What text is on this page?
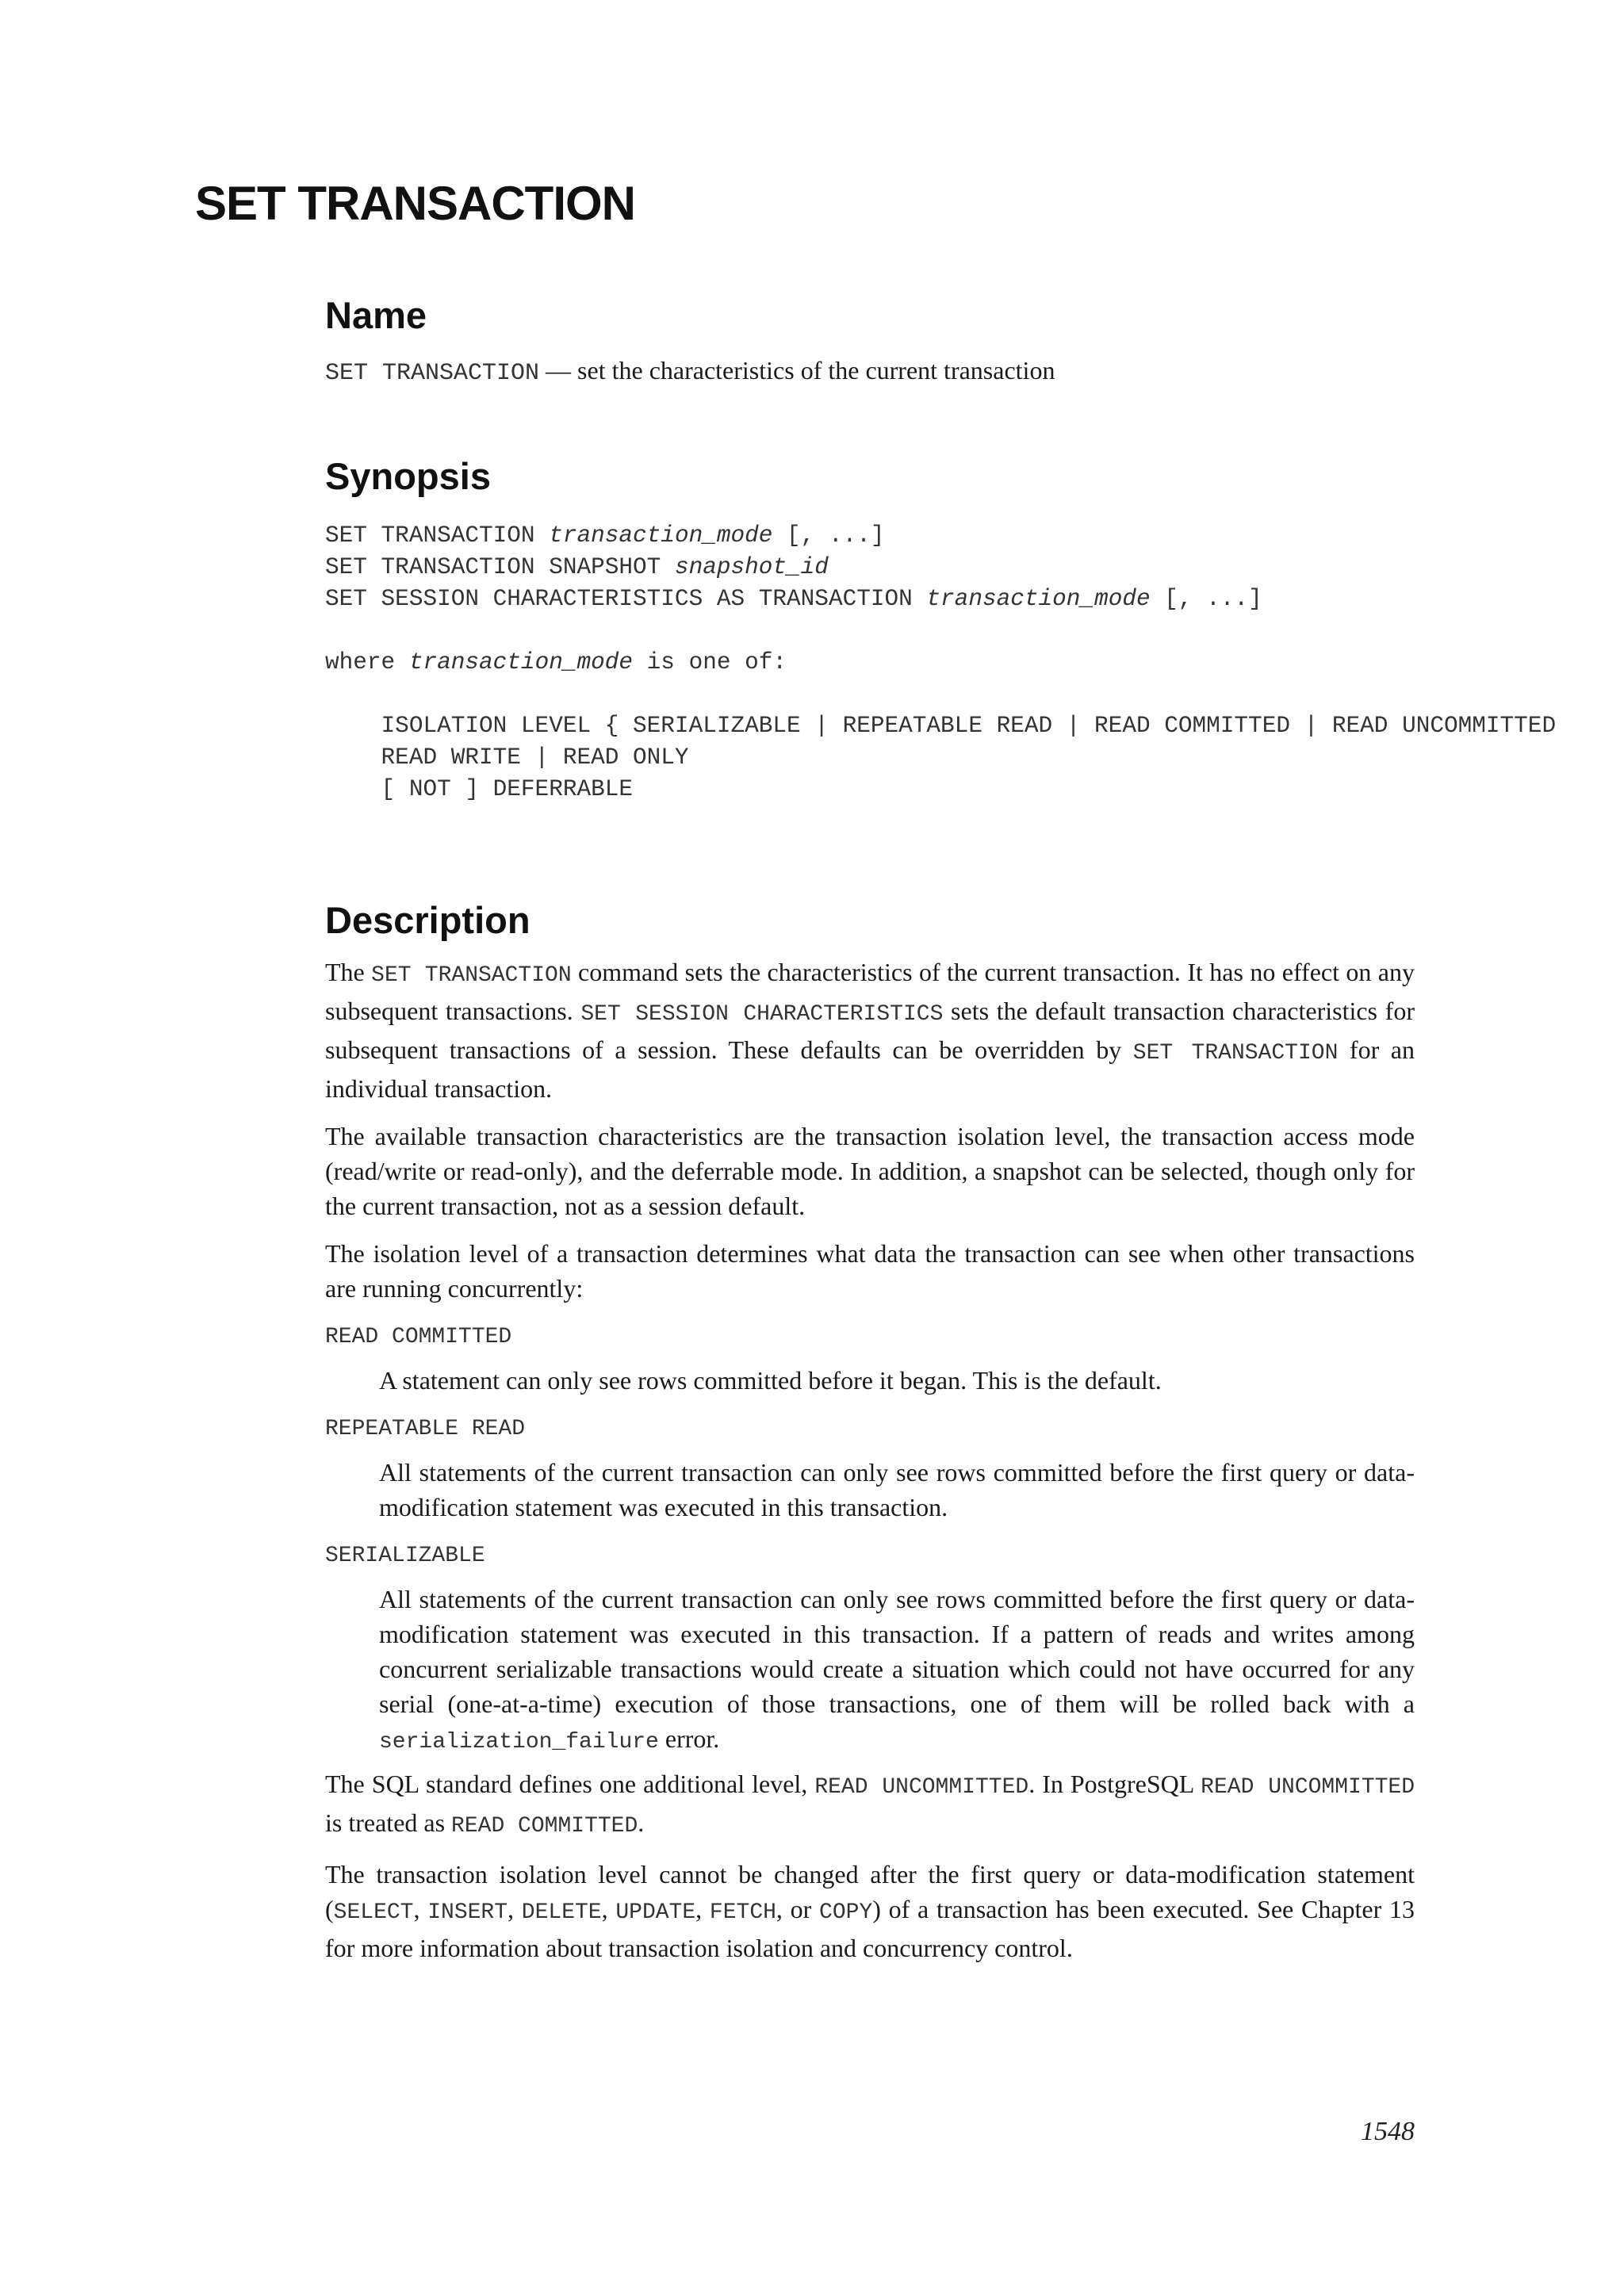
SET TRANSACTION
Name

SET TRANSACTION — set the characteristics of the current transaction

Synopsis
SET TRANSACTION transaction_mode [, ...]
SET TRANSACTION SNAPSHOT snapshot_id
SET SESSION CHARACTERISTICS AS TRANSACTION transaction_mode [, ...]

where transaction_mode is one of:

ISOLATION LEVEL { SERIALIZABLE | REPEATABLE READ | READ COMMITTED | READ UNCOMMITTED
READ WRITE | READ ONLY
[ NOT ] DEFERRABLE
Description

The SET TRANSACTION command sets the characteristics of the current transaction. It has no effect on any subsequent transactions. SET SESSION CHARACTERISTICS sets the default transaction characteristics for subsequent transactions of a session. These defaults can be overridden by SET TRANSACTION for an individual transaction.

The available transaction characteristics are the transaction isolation level, the transaction access mode (read/write or read-only), and the deferrable mode. In addition, a snapshot can be selected, though only for the current transaction, not as a session default.

The isolation level of a transaction determines what data the transaction can see when other transactions are running concurrently:

READ COMMITTED
A statement can only see rows committed before it began. This is the default.
REPEATABLE READ
All statements of the current transaction can only see rows committed before the first query or data-modification statement was executed in this transaction.
SERIALIZABLE
All statements of the current transaction can only see rows committed before the first query or data-modification statement was executed in this transaction. If a pattern of reads and writes among concurrent serializable transactions would create a situation which could not have occurred for any serial (one-at-a-time) execution of those transactions, one of them will be rolled back with a serialization_failure error.

The SQL standard defines one additional level, READ UNCOMMITTED. In PostgreSQL READ UNCOMMITTED is treated as READ COMMITTED.

The transaction isolation level cannot be changed after the first query or data-modification statement (SELECT, INSERT, DELETE, UPDATE, FETCH, or COPY) of a transaction has been executed. See Chapter 13 for more information about transaction isolation and concurrency control.

1548
